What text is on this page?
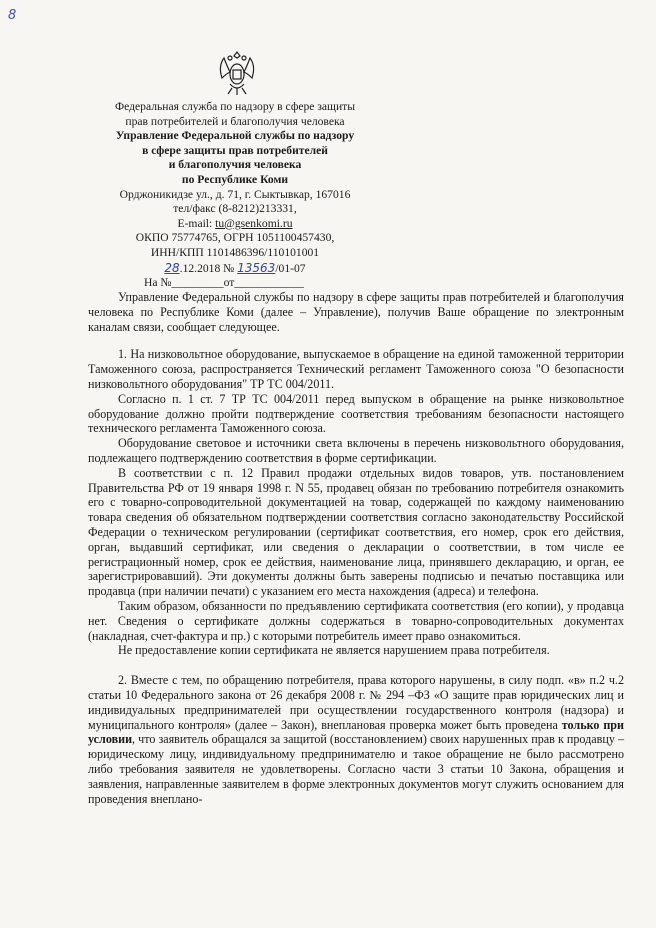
8
Федеральная служба по надзору в сфере защиты
прав потребителей и благополучия человека
Управление Федеральной службы по надзору
в сфере защиты прав потребителей
и благополучия человека
по Республике Коми
Орджоникидзе ул., д. 71, г. Сыктывкар, 167016
тел/факс (8-8212)213331,
E-mail: tu@gsenkomi.ru
ОКПО 75774765, ОГРН 1051100457430,
ИНН/КПП 1101486396/110101001
28.12.2018 № 13563/01-07
На №_________от____________

Управление Федеральной службы по надзору в сфере защиты прав потребителей и благополучия человека по Республике Коми (далее – Управление), получив Ваше обращение по электронным каналам связи, сообщает следующее.

1. На низковольтное оборудование, выпускаемое в обращение на единой таможенной территории Таможенного союза, распространяется Технический регламент Таможенного союза "О безопасности низковольтного оборудования" ТР ТС 004/2011.

Согласно п. 1 ст. 7 ТР ТС 004/2011 перед выпуском в обращение на рынке низковольтное оборудование должно пройти подтверждение соответствия требованиям безопасности настоящего технического регламента Таможенного союза.

Оборудование световое и источники света включены в перечень низковольтного оборудования, подлежащего подтверждению соответствия в форме сертификации.

В соответствии с п. 12 Правил продажи отдельных видов товаров, утв. постановлением Правительства РФ от 19 января 1998 г. N 55, продавец обязан по требованию потребителя ознакомить его с товарно-сопроводительной документацией на товар, содержащей по каждому наименованию товара сведения об обязательном подтверждении соответствия согласно законодательству Российской Федерации о техническом регулировании (сертификат соответствия, его номер, срок его действия, орган, выдавший сертификат, или сведения о декларации о соответствии, в том числе ее регистрационный номер, срок ее действия, наименование лица, принявшего декларацию, и орган, ее зарегистрировавший). Эти документы должны быть заверены подписью и печатью поставщика или продавца (при наличии печати) с указанием его места нахождения (адреса) и телефона.

Таким образом, обязанности по предъявлению сертификата соответствия (его копии), у продавца нет. Сведения о сертификате должны содержаться в товарно-сопроводительных документах (накладная, счет-фактура и пр.) с которыми потребитель имеет право ознакомиться.

Не предоставление копии сертификата не является нарушением права потребителя.

2. Вместе с тем, по обращению потребителя, права которого нарушены, в силу подп. «в» п.2 ч.2 статьи 10 Федерального закона от 26 декабря 2008 г. № 294 –ФЗ «О защите прав юридических лиц и индивидуальных предпринимателей при осуществлении государственного контроля (надзора) и муниципального контроля» (далее – Закон), внеплановая проверка может быть проведена только при условии, что заявитель обращался за защитой (восстановлением) своих нарушенных прав к продавцу – юридическому лицу, индивидуальному предпринимателю и такое обращение не было рассмотрено либо требования заявителя не удовлетворены. Согласно части 3 статьи 10 Закона, обращения и заявления, направленные заявителем в форме электронных документов могут служить основанием для проведения внеплано-
